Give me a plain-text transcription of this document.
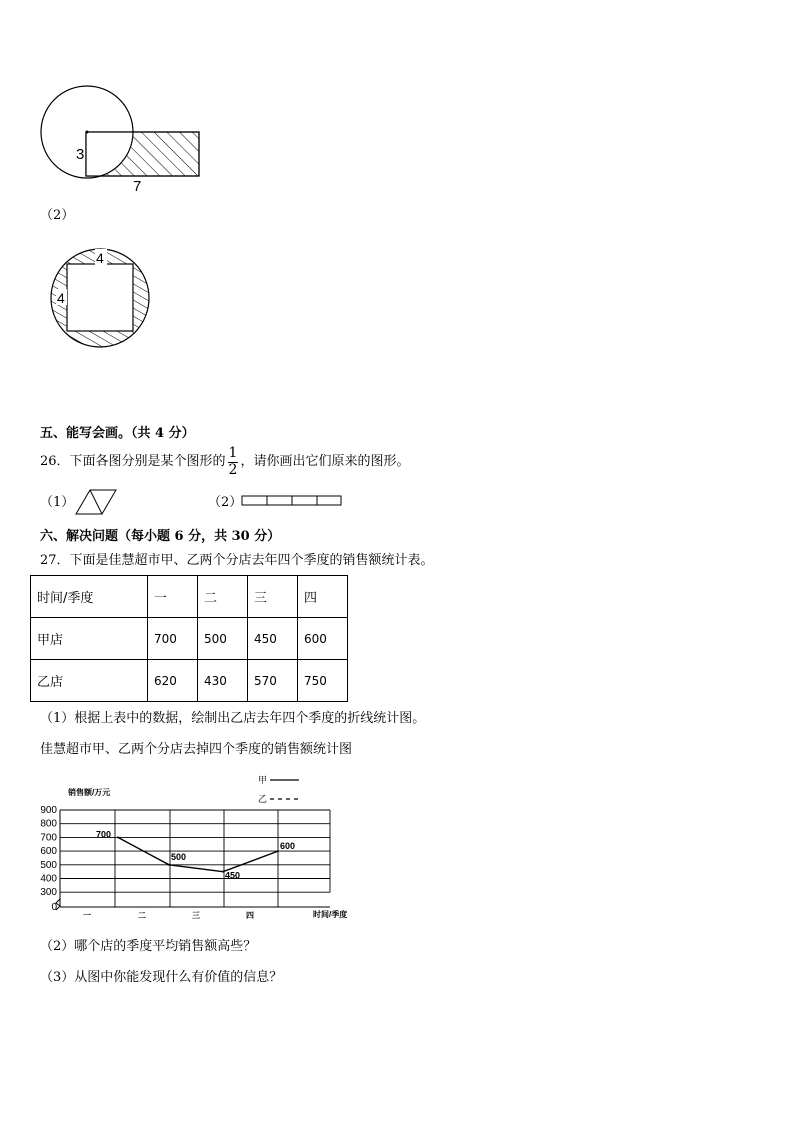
3
7
（2）
4
4
五、能写会画。（共 4 分）
26．下面各图分别是某个图形的 $\frac{1}{2}$ ，请你画出它们原来的图形。
（1）	（2）
六、解决问题（每小题 6 分，共 30 分）
27．下面是佳慧超市甲、乙两个分店去年四个季度的销售额统计表。
时间/季度	一	二	三	四
甲店	700	500	450	600
乙店	620	430	570	750
（1）根据上表中的数据，绘制出乙店去年四个季度的折线统计图。
佳慧超市甲、乙两个分店去掉四个季度的销售额统计图
900
800
700
600
500
400
300
0
一	二	三	四
700
500
450
600
销售额/万元
时间/季度
甲
乙
（2）哪个店的季度平均销售额高些？
（3）从图中你能发现什么有价值的信息？
